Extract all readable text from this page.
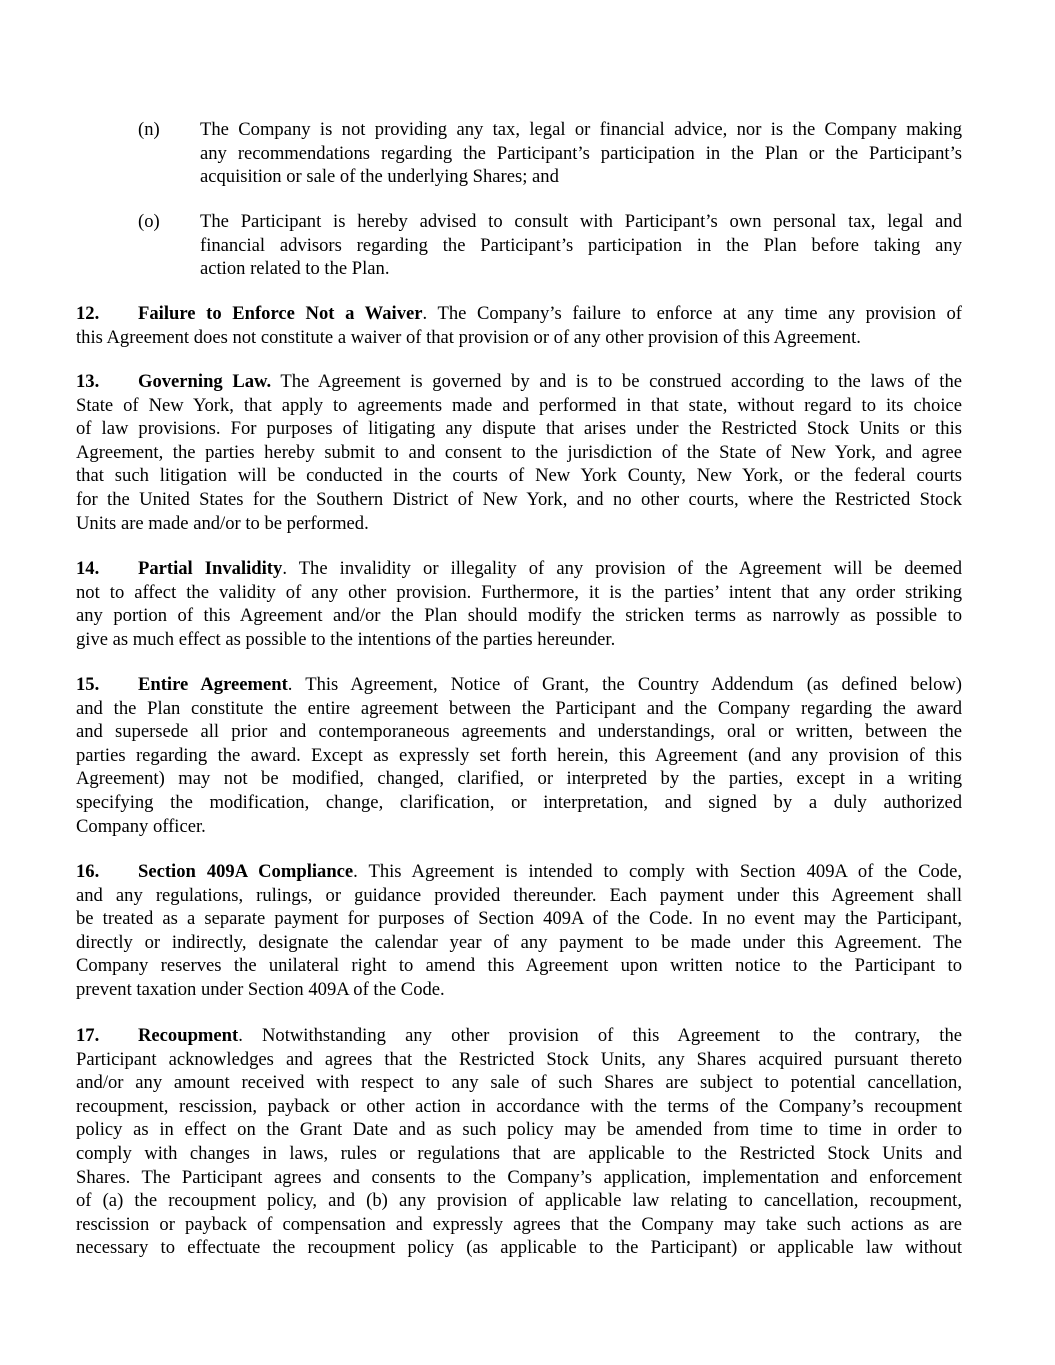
(n) The Company is not providing any tax, legal or financial advice, nor is the Company making
any recommendations regarding the Participant’s participation in the Plan or the Participant’s
acquisition or sale of the underlying Shares; and
(o) The Participant is hereby advised to consult with Participant’s own personal tax, legal and
financial advisors regarding the Participant’s participation in the Plan before taking any
action related to the Plan.
12. Failure to Enforce Not a Waiver. The Company’s failure to enforce at any time any provision of
this Agreement does not constitute a waiver of that provision or of any other provision of this Agreement.
13. Governing Law. The Agreement is governed by and is to be construed according to the laws of the
State of New York, that apply to agreements made and performed in that state, without regard to its choice
of law provisions. For purposes of litigating any dispute that arises under the Restricted Stock Units or this
Agreement, the parties hereby submit to and consent to the jurisdiction of the State of New York, and agree
that such litigation will be conducted in the courts of New York County, New York, or the federal courts
for the United States for the Southern District of New York, and no other courts, where the Restricted Stock
Units are made and/or to be performed.
14. Partial Invalidity. The invalidity or illegality of any provision of the Agreement will be deemed
not to affect the validity of any other provision. Furthermore, it is the parties’ intent that any order striking
any portion of this Agreement and/or the Plan should modify the stricken terms as narrowly as possible to
give as much effect as possible to the intentions of the parties hereunder.
15. Entire Agreement. This Agreement, Notice of Grant, the Country Addendum (as defined below)
and the Plan constitute the entire agreement between the Participant and the Company regarding the award
and supersede all prior and contemporaneous agreements and understandings, oral or written, between the
parties regarding the award. Except as expressly set forth herein, this Agreement (and any provision of this
Agreement) may not be modified, changed, clarified, or interpreted by the parties, except in a writing
specifying the modification, change, clarification, or interpretation, and signed by a duly authorized
Company officer.
16. Section 409A Compliance. This Agreement is intended to comply with Section 409A of the Code,
and any regulations, rulings, or guidance provided thereunder. Each payment under this Agreement shall
be treated as a separate payment for purposes of Section 409A of the Code. In no event may the Participant,
directly or indirectly, designate the calendar year of any payment to be made under this Agreement. The
Company reserves the unilateral right to amend this Agreement upon written notice to the Participant to
prevent taxation under Section 409A of the Code.
17. Recoupment. Notwithstanding any other provision of this Agreement to the contrary, the
Participant acknowledges and agrees that the Restricted Stock Units, any Shares acquired pursuant thereto
and/or any amount received with respect to any sale of such Shares are subject to potential cancellation,
recoupment, rescission, payback or other action in accordance with the terms of the Company’s recoupment
policy as in effect on the Grant Date and as such policy may be amended from time to time in order to
comply with changes in laws, rules or regulations that are applicable to the Restricted Stock Units and
Shares. The Participant agrees and consents to the Company’s application, implementation and enforcement
of (a) the recoupment policy, and (b) any provision of applicable law relating to cancellation, recoupment,
rescission or payback of compensation and expressly agrees that the Company may take such actions as are
necessary to effectuate the recoupment policy (as applicable to the Participant) or applicable law without
